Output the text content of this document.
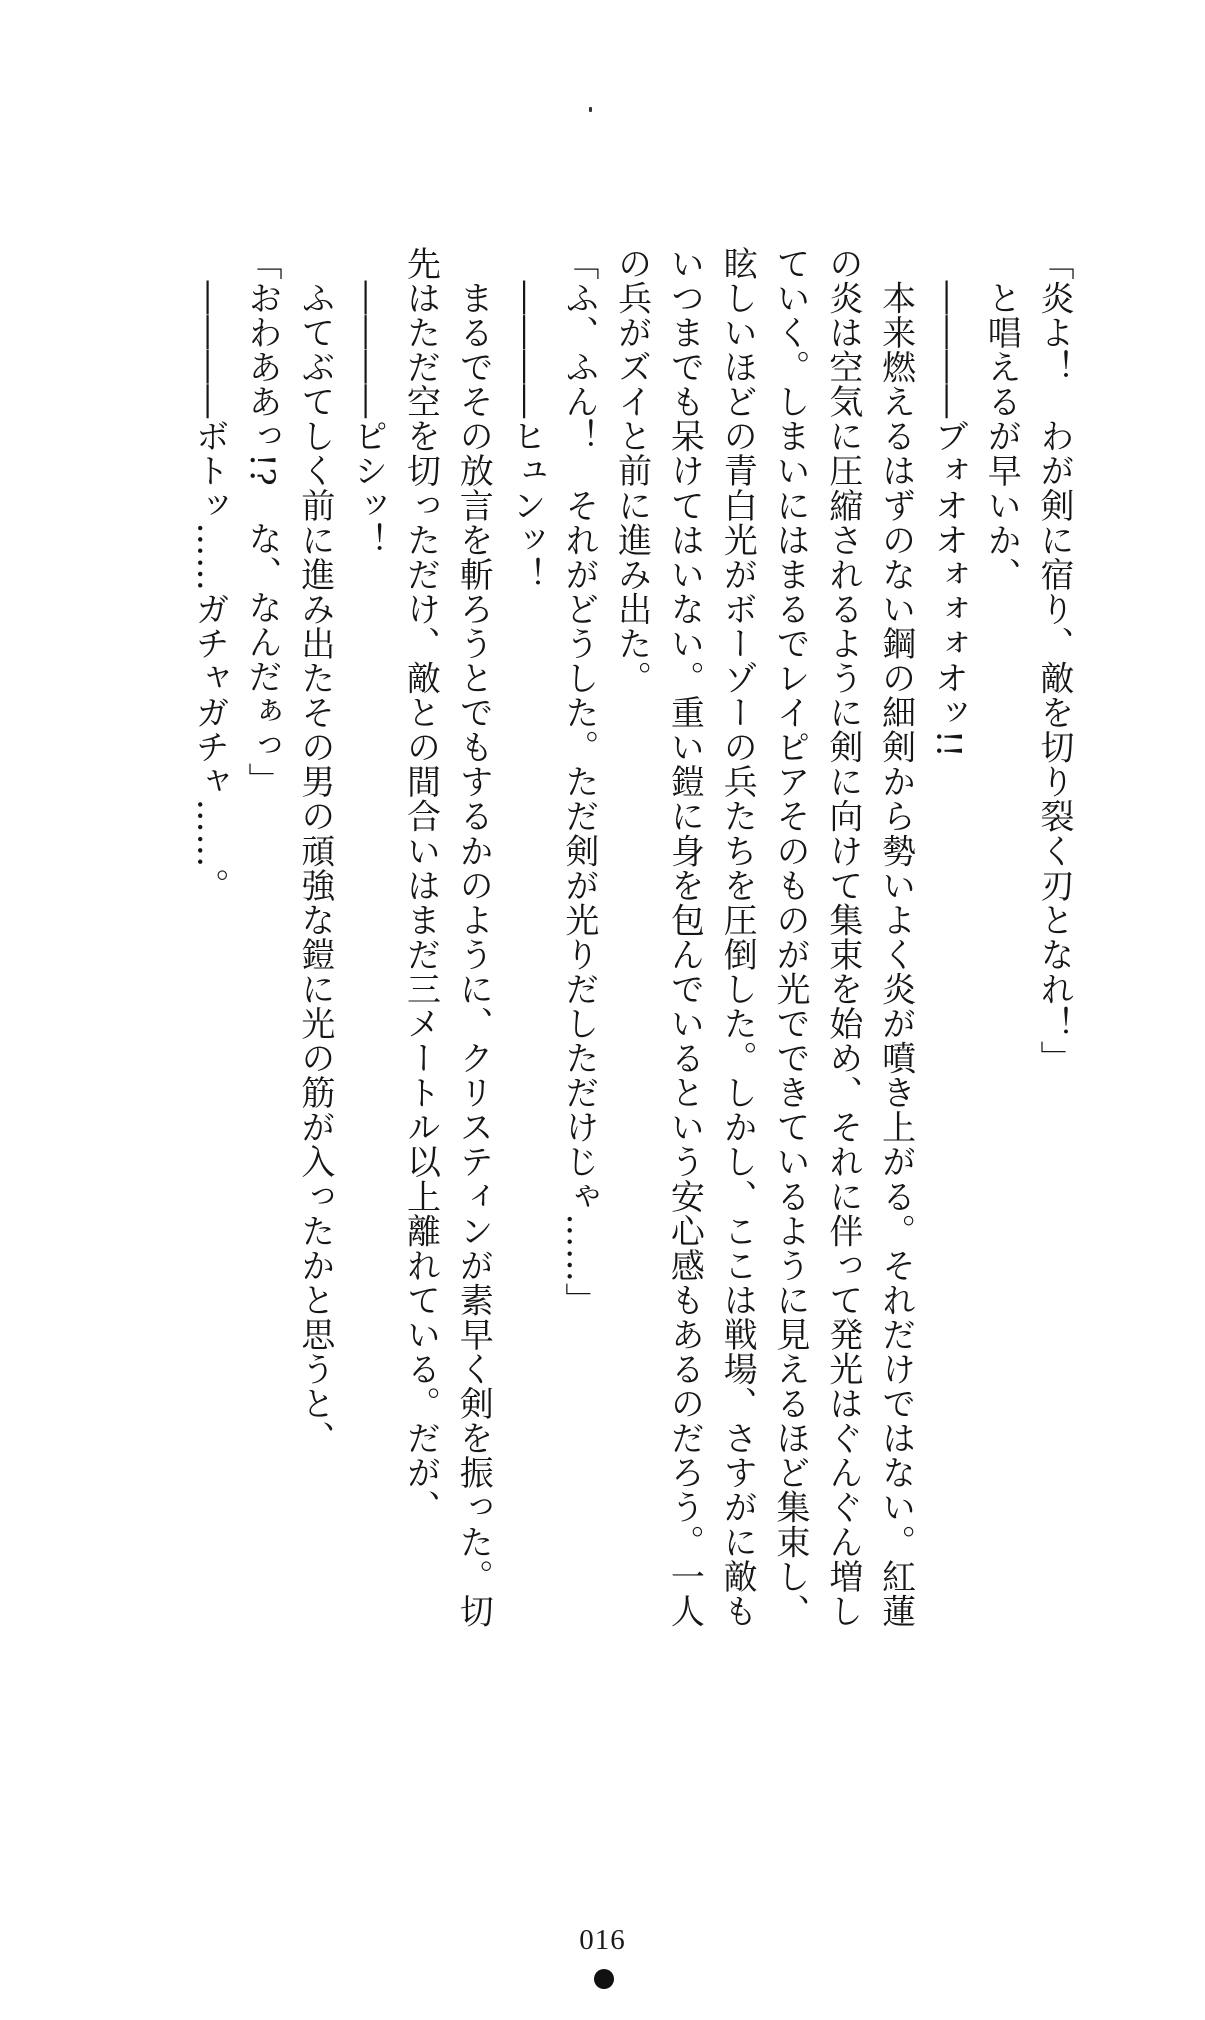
「炎よ！　わが剣に宿り、敵を切り裂く刃となれ！」
　と唱えるが早いか、
　――――ブォオオォォォオッ!!
　本来燃えるはずのない鋼の細剣から勢いよく炎が噴き上がる。それだけではない。紅蓮
の炎は空気に圧縮されるように剣に向けて集束を始め、それに伴って発光はぐんぐん増し
ていく。しまいにはまるでレイピアそのものが光でできているように見えるほど集束し、
眩しいほどの青白光がボーゾーの兵たちを圧倒した。しかし、ここは戦場、さすがに敵も
いつまでも呆けてはいない。重い鎧に身を包んでいるという安心感もあるのだろう。一人
の兵がズイと前に進み出た。
「ふ、ふん！　それがどうした。ただ剣が光りだしただけじゃ……」
　――――ヒュンッ！
　まるでその放言を斬ろうとでもするかのように、クリスティンが素早く剣を振った。切
先はただ空を切っただけ、敵との間合いはまだ三メートル以上離れている。だが、
　――――ピシッ！
　ふてぶてしく前に進み出たその男の頑強な鎧に光の筋が入ったかと思うと、
「おわああっ!?　な、なんだぁっ」
　――――ボトッ……ガチャガチャ……。
016
